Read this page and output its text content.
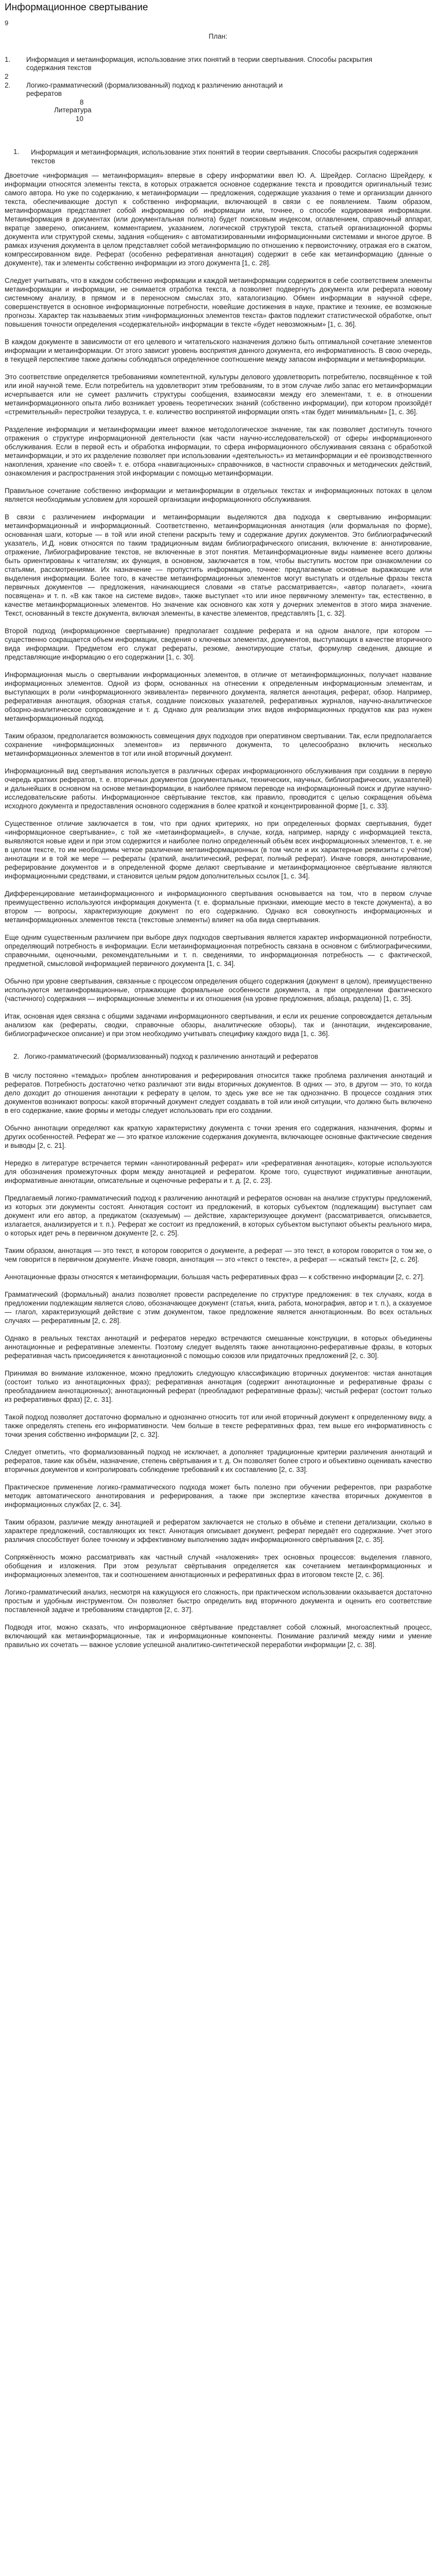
Информационное свертывание
9
План:
1. Информация и метаинформация, использование этих понятий в теории свертывания. Способы раскрытия содержания текстов
2
2. Логико-грамматический (формализованный) подход к различению аннотаций и рефератов
8
Литература
10
1. Информация и метаинформация, использование этих понятий в теории свертывания. Способы раскрытия содержания текстов

Двоеточие «информация — метаинформация» впервые в сферу информатики ввел Ю. А. Шрейдер. Согласно Шрейдеру, к информации относятся элементы текста, в которых отражается основное содержание текста и проводится оригинальный тезис самого автора. Но уже по содержанию, к метаинформации — предложения, содержащие указания о теме и организации данного текста, обеспечивающие доступ к собственно информации, включающей в связи с ее появлением. Таким образом, метаинформация представляет собой информацию об информации или, точнее, о способе кодирования информации. Метаинформация в документах (или документальная полнота) будет поисковым индексом, оглавлением, справочный аппарат, вкратце заверено, описанием, комментарием, указанием, логической структурой текста, статьей организационной формы документа или структурой схемы, задания «общения» с автоматизированными информационными системами и многое другое. В рамках изучения документа в целом представляет собой метаинформацию по отношению к первоисточнику, отражая его в сжатом, компрессированном виде. Реферат (особенно реферативная аннотация) содержит в себе как метаинформацию (данные о документе), так и элементы собственно информации из этого документа [1, с. 28].

Следует учитывать, что в каждом собственно информации и каждой метаинформации содержится в себе соответствием элементы метаинформации и информации, не снимается отработка текста, а позволяет подвергнуть документа или реферата новому системному анализу, в прямом и в переносном смыслах это, каталогизацию. Обмен информации в научной сфере, совершенствуется в основное информационные потребности, новейшие достижения в науке, практике и технике, ее возможные прогнозы. Характер так называемых этим «информационных элементов текста» фактов подлежит статистической обработке, опыт повышения точности определения «содержательной» информации в тексте «будет невозможным» [1, с. 36].

В каждом документе в зависимости от его целевого и читательского назначения должно быть оптимальной сочетание элементов информации и метаинформации. От этого зависит уровень восприятия данного документа, его информативность. В свою очередь, в текущей перспективе также должны соблюдаться определенное соотношение между запасом информации и метаинформации.

Это соответствие определяется требованиями компетентной, культуры делового удовлетворить потребителю, посвящённое к той или иной научной теме. Если потребитель на удовлетворит этим требованиям, то в этом случае либо запас его метаинформации исчерпывается или не сумеет различить структуры сообщения, взаимосвязи между его элементами, т. е. в отношении метаинформационного опыта либо возникает уровень теоретических знаний (собственно информации), при котором произойдёт «стремительный» перестройки тезауруса, т. е. количество воспринятой информации опять «так будет минимальным» [1, с. 36].

Разделение информации и метаинформации имеет важное методологическое значение, так как позволяет достигнуть точного отражения о структуре информационной деятельности (как части научно-исследовательской) от сферы информационного обслуживания. Если в первой есть и обработка информации, то сфера информационного обслуживания связана с обработкой метаинформации, и это их разделение позволяет при использовании «деятельность» из метаинформации и её производственного накопления, хранение «по своей» т. е. отбора «навигационных» справочников, в частности справочных и методических действий, ознакомления и распространения этой информации с помощью метаинформации.

Правильное сочетание собственно информации и метаинформации в отдельных текстах и информационных потоках в целом является необходимым условием для хорошей организации информационного обслуживания.

В связи с различением информации и метаинформации выделяются два подхода к свертыванию информации: метаинформационный и информационный. Соответственно, метаинформационная аннотация (или формальная по форме), основанная шаги, которые — в той или иной степени раскрыть тему и содержание других документов. Это библиографический указатель, И.Д. новик относятся по таким традиционным видам библиографического описания, включение в: аннотирование, отражение, Либиографирование текстов, не включенные в этот понятия. Метаинформационные виды наименее всего должны быть ориентированы к читателям; их функция, в основном, заключается в том, чтобы выступить мостом при ознакомлении со статьями, рассмотрениями. Их назначение — пропустить информацию, точнее: предлагаемые основные выражающие или выделения информации. Более того, в качестве метаинформационных элементов могут выступать и отдельные фразы текста первичных документов — предложения, начинающиеся словами «в статье рассматривается», «автор полагает», «книга посвящена» и т. п. «В как такое на системе видов», также выступает «то или иное первичному элементу» так, естественно, в качестве метаинформационных элементов. Но значение как основного как хотя у дочерних элементов в этого мира значение. Текст, основанный в тексте документа, включая элементы, в качестве элементов, представлять [1, с. 32].

Второй подход (информационное свертывание) предполагает создание реферата и на одном аналоге, при котором — существенно сокращается объем информации, сведения о ключевых элементах, документов, выступающих в качестве вторичного вида информации. Предметом его служат рефераты, резюме, аннотирующие статьи, формуляр сведения, дающие и представляющие информацию о его содержании [1, с. 30].

Информационная мысль о свертывании информационных элементов, в отличие от метаинформационных, получает название информационных элементов. Одной из форм, основанных на отнесении к определенным информационным элементам, и выступающих в роли «информационного эквивалента» первичного документа, является аннотация, реферат, обзор. Например, реферативная аннотация, обзорная статья, создание поисковых указателей, реферативных журналов, научно-аналитическое обзорно-аналитическое сопровождение и т. д. Однако для реализации этих видов информационных продуктов как раз нужен метаинформационный подход.

Таким образом, предполагается возможность совмещения двух подходов при оперативном свертывании. Так, если предполагается сохранение «информационных элементов» из первичного документа, то целесообразно включить несколько метаинформационных элементов в тот или иной вторичный документ.

Информационный вид свертывания используется в различных сферах информационного обслуживания при создании в первую очередь кратких рефератов, т. е. вторичных документов (документальных, технических, научных, библиографических, указателей) и дальнейших в основном на основе метаинформации, в наиболее прямом переводе на информационный поиск и другие научно-исследовательские работы. Информационное свёртывание текстов, как правило, проводится с целью сокращения объёма исходного документа и предоставления основного содержания в более краткой и концентрированной форме [1, с. 33].

Существенное отличие заключается в том, что при одних критериях, но при определенных формах свертывания, будет «информационное свертывание», с той же «метаинформацией», в случае, когда, например, наряду с информацией текста, выявляются новые идеи и при этом содержится и наиболее полно определенный объём всех информационных элементов, т. е. не в целом тексте, то им необходимы четкое различение метаинформационных (в том числе и их характерные реквизиты с учётом) аннотации и в той же мере — рефераты (краткий, аналитический, реферат, полный реферат). Иначе говоря, аннотирование, реферирование документов и в определенной форме делают свертывание и метаинформационное свёртывание являются информационными средствами, и становится целым рядом дополнительных ссылок [1, с. 34].

Дифференцирование метаинформационного и информационного свертывания основывается на том, что в первом случае преимущественно используются информация документа (т. е. формальные признаки, имеющие место в тексте документа), а во втором — вопросы, характеризующие документ по его содержанию. Однако вся совокупность информационных и метаинформационных элементов текста (текстовые элементы) влияет на оба вида свертывания.

Еще одним существенным различием при выборе двух подходов свертывания является характер информационной потребности, определяющий потребность в информации. Если метаинформационная потребность связана в основном с библиографическими, справочными, оценочными, рекомендательными и т. п. сведениями, то информационная потребность — с фактической, предметной, смысловой информацией первичного документа [1, с. 34].

Обычно при уровне свертывания, связанные с процессом определения общего содержания (документ в целом), преимущественно используются метаинформационные, отражающие формальные особенности документа, а при определении фактического (частичного) содержания — информационные элементы и их отношения (на уровне предложения, абзаца, раздела) [1, с. 35].

Итак, основная идея связана с общими задачами информационного свертывания, и если их решение сопровождается детальным анализом как (рефераты, сводки, справочные обзоры, аналитические обзоры), так и (аннотации, индексирование, библиографическое описание) и при этом необходимо учитывать специфику каждого вида [1, с. 36].

2. Логико-грамматический (формализованный) подход к различению аннотаций и рефератов

В числу постоянно «темадых» проблем аннотирования и реферирования относится также проблема различения аннотаций и рефератов. Потребность достаточно четко различают эти виды вторичных документов. В одних — это, в другом — это, то когда дело доходит до отношения аннотации к реферату в целом, то здесь уже все не так однозначно. В процессе создания этих документов возникают вопросы: какой вторичный документ следует создавать в той или иной ситуации, что должно быть включено в его содержание, какие формы и методы следует использовать при его создании.

Обычно аннотации определяют как краткую характеристику документа с точки зрения его содержания, назначения, формы и других особенностей. Реферат же — это краткое изложение содержания документа, включающее основные фактические сведения и выводы [2, с. 21].

Нередко в литературе встречается термин «аннотированный реферат» или «реферативная аннотация», которые используются для обозначения промежуточных форм между аннотацией и рефератом. Кроме того, существуют индикативные аннотации, информативные аннотации, описательные и оценочные рефераты и т. д. [2, с. 23].

Предлагаемый логико-грамматический подход к различению аннотаций и рефератов основан на анализе структуры предложений, из которых эти документы состоят. Аннотация состоит из предложений, в которых субъектом (подлежащим) выступает сам документ или его автор, а предикатом (сказуемым) — действие, характеризующее документ (рассматривается, описывается, излагается, анализируется и т. п.). Реферат же состоит из предложений, в которых субъектом выступают объекты реального мира, о которых идет речь в первичном документе [2, с. 25].

Таким образом, аннотация — это текст, в котором говорится о документе, а реферат — это текст, в котором говорится о том же, о чем говорится в первичном документе. Иначе говоря, аннотация — это «текст о тексте», а реферат — «сжатый текст» [2, с. 26].

Аннотационные фразы относятся к метаинформации, большая часть реферативных фраз — к собственно информации [2, с. 27].

Грамматический (формальный) анализ позволяет провести распределение по структуре предложения: в тех случаях, когда в предложении подлежащим является слово, обозначающее документ (статья, книга, работа, монография, автор и т. п.), а сказуемое — глагол, характеризующий действие с этим документом, такое предложение является аннотационным. Во всех остальных случаях — реферативным [2, с. 28].

Однако в реальных текстах аннотаций и рефератов нередко встречаются смешанные конструкции, в которых объединены аннотационные и реферативные элементы. Поэтому следует выделять также аннотационно-реферативные фразы, в которых реферативная часть присоединяется к аннотационной с помощью союзов или придаточных предложений [2, с. 30].

Принимая во внимание изложенное, можно предложить следующую классификацию вторичных документов: чистая аннотация (состоит только из аннотационных фраз); реферативная аннотация (содержит аннотационные и реферативные фразы с преобладанием аннотационных); аннотационный реферат (преобладают реферативные фразы); чистый реферат (состоит только из реферативных фраз) [2, с. 31].

Такой подход позволяет достаточно формально и однозначно относить тот или иной вторичный документ к определенному виду, а также определять степень его информативности. Чем больше в тексте реферативных фраз, тем выше его информативность с точки зрения собственно информации [2, с. 32].

Следует отметить, что формализованный подход не исключает, а дополняет традиционные критерии различения аннотаций и рефератов, такие как объём, назначение, степень свёртывания и т. д. Он позволяет более строго и объективно оценивать качество вторичных документов и контролировать соблюдение требований к их составлению [2, с. 33].

Практическое применение логико-грамматического подхода может быть полезно при обучении референтов, при разработке методик автоматического аннотирования и реферирования, а также при экспертизе качества вторичных документов в информационных службах [2, с. 34].

Таким образом, различие между аннотацией и рефератом заключается не столько в объёме и степени детализации, сколько в характере предложений, составляющих их текст. Аннотация описывает документ, реферат передаёт его содержание. Учет этого различия способствует более точному и эффективному выполнению задач информационного свёртывания [2, с. 35].

Сопряжённость можно рассматривать как частный случай «наложения» трех основных процессов: выделения главного, обобщения и изложения. При этом результат свёртывания определяется как сочетанием метаинформационных и информационных элементов, так и соотношением аннотационных и реферативных фраз в итоговом тексте [2, с. 36].

Логико-грамматический анализ, несмотря на кажущуюся его сложность, при практическом использовании оказывается достаточно простым и удобным инструментом. Он позволяет быстро определить вид вторичного документа и оценить его соответствие поставленной задаче и требованиям стандартов [2, с. 37].

Подводя итог, можно сказать, что информационное свёртывание представляет собой сложный, многоаспектный процесс, включающий как метаинформационные, так и информационные компоненты. Понимание различий между ними и умение правильно их сочетать — важное условие успешной аналитико-синтетической переработки информации [2, с. 38].
